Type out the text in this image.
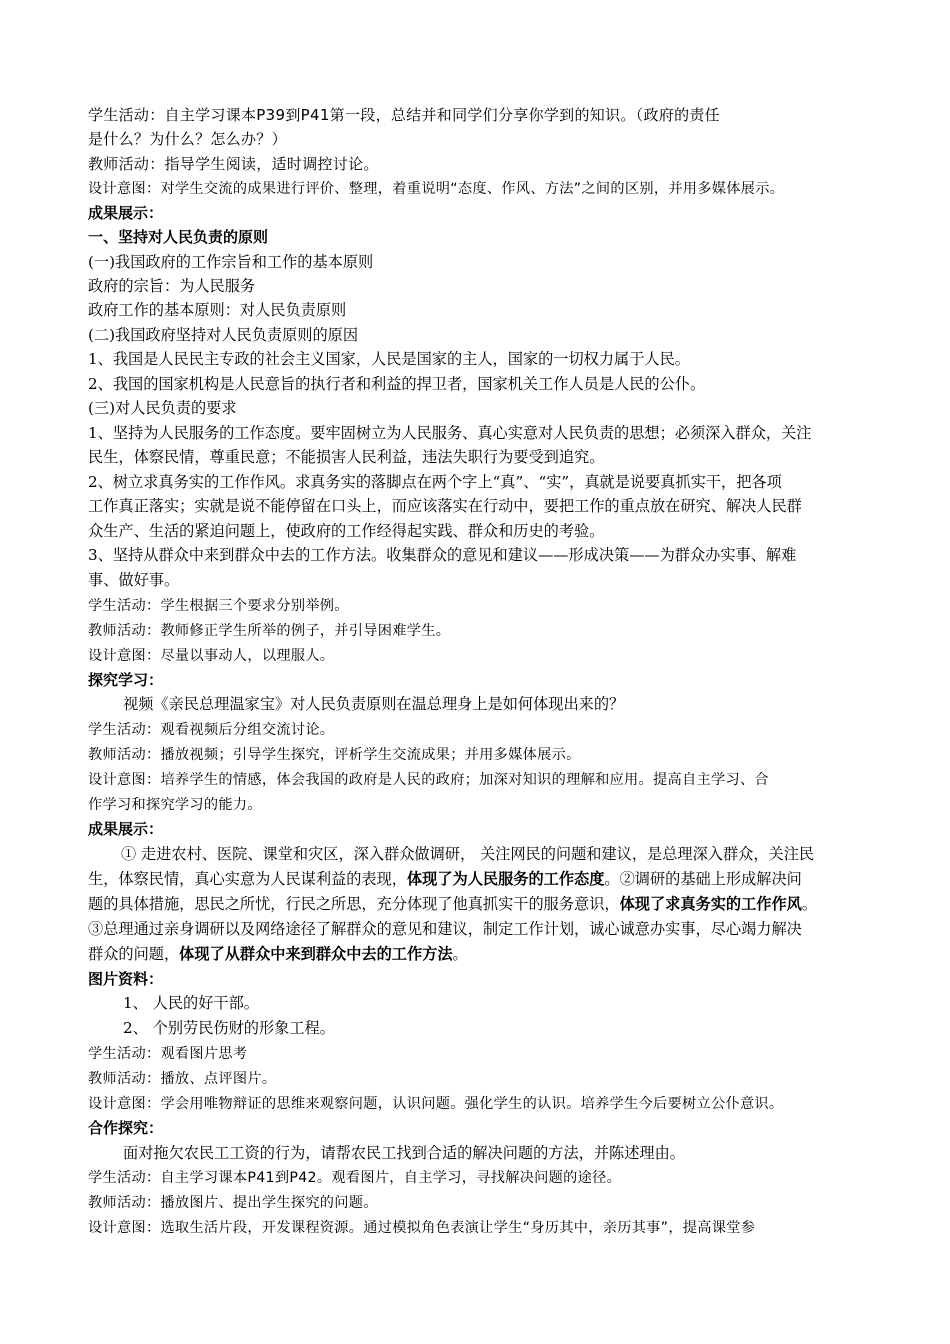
学生活动：自主学习课本P39到P41第一段，总结并和同学们分享你学到的知识。（政府的责任
是什么？为什么？怎么办？）
教师活动：指导学生阅读，适时调控讨论。
设计意图：对学生交流的成果进行评价、整理，着重说明“态度、作风、方法”之间的区别，并用多媒体展示。
成果展示：
一、坚持对人民负责的原则
(一)我国政府的工作宗旨和工作的基本原则
政府的宗旨：为人民服务
政府工作的基本原则：对人民负责原则
(二)我国政府坚持对人民负责原则的原因
1、我国是人民民主专政的社会主义国家，人民是国家的主人，国家的一切权力属于人民。
2、我国的国家机构是人民意旨的执行者和利益的捍卫者，国家机关工作人员是人民的公仆。
(三)对人民负责的要求
1、坚持为人民服务的工作态度。要牢固树立为人民服务、真心实意对人民负责的思想；必须深入群众，关注
民生，体察民情，尊重民意；不能损害人民利益，违法失职行为要受到追究。
2、树立求真务实的工作作风。求真务实的落脚点在两个字上“真”、“实”，真就是说要真抓实干，把各项
工作真正落实；实就是说不能停留在口头上，而应该落实在行动中，要把工作的重点放在研究、解决人民群
众生产、生活的紧迫问题上，使政府的工作经得起实践、群众和历史的考验。
3、坚持从群众中来到群众中去的工作方法。收集群众的意见和建议——形成决策——为群众办实事、解难
事、做好事。
学生活动：学生根据三个要求分别举例。
教师活动：教师修正学生所举的例子，并引导困难学生。
设计意图：尽量以事动人，以理服人。
探究学习：
视频《亲民总理温家宝》对人民负责原则在温总理身上是如何体现出来的？
学生活动：观看视频后分组交流讨论。
教师活动：播放视频；引导学生探究，评析学生交流成果；并用多媒体展示。
设计意图：培养学生的情感，体会我国的政府是人民的政府；加深对知识的理解和应用。提高自主学习、合
作学习和探究学习的能力。
成果展示：
① 走进农村、医院、课堂和灾区，深入群众做调研， 关注网民的问题和建议，是总理深入群众，关注民
生，体察民情，真心实意为人民谋利益的表现，体现了为人民服务的工作态度。②调研的基础上形成解决问
题的具体措施，思民之所忧，行民之所思，充分体现了他真抓实干的服务意识，体现了求真务实的工作作风。
③总理通过亲身调研以及网络途径了解群众的意见和建议，制定工作计划，诚心诚意办实事，尽心竭力解决
群众的问题，体现了从群众中来到群众中去的工作方法。
图片资料：
1、 人民的好干部。
2、 个别劳民伤财的形象工程。
学生活动：观看图片思考
教师活动：播放、点评图片。
设计意图：学会用唯物辩证的思维来观察问题，认识问题。强化学生的认识。培养学生今后要树立公仆意识。
合作探究：
面对拖欠农民工工资的行为，请帮农民工找到合适的解决问题的方法，并陈述理由。
学生活动：自主学习课本P41到P42。观看图片，自主学习，寻找解决问题的途径。
教师活动：播放图片、提出学生探究的问题。
设计意图：选取生活片段，开发课程资源。通过模拟角色表演让学生“身历其中，亲历其事”，提高课堂参
